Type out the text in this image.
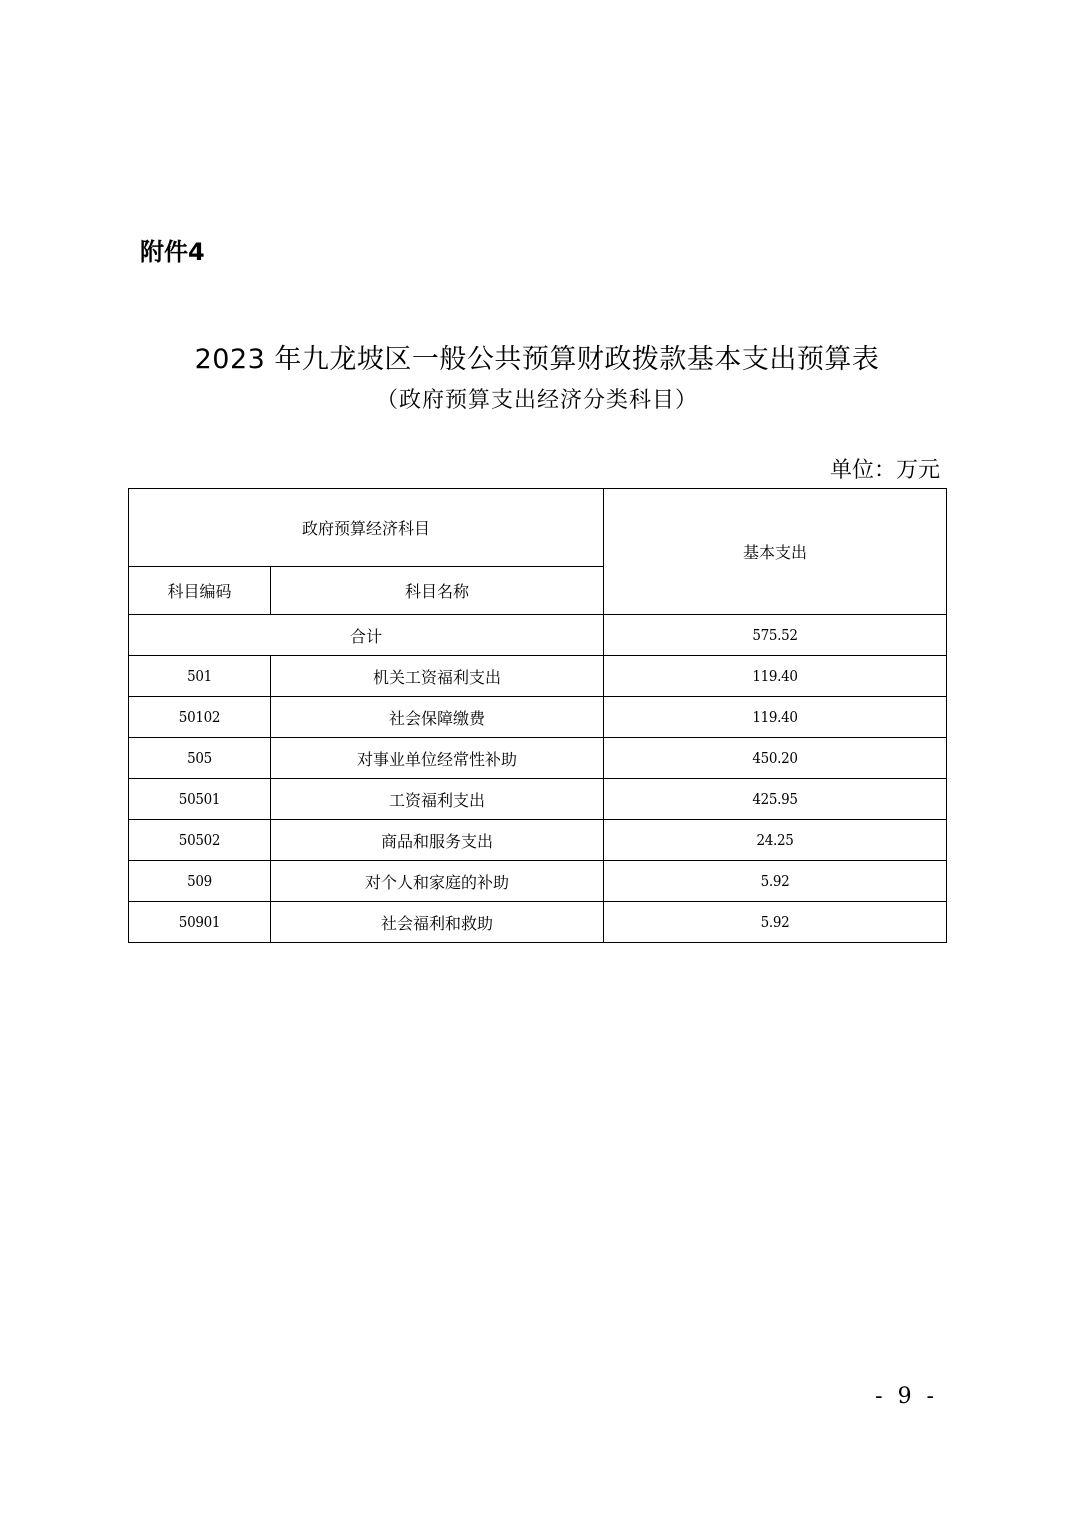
附件4
2023 年九龙坡区一般公共预算财政拨款基本支出预算表
（政府预算支出经济分类科目）
单位：万元
政府预算经济科目		基本支出
科目编码	科目名称	
合计		575.52
501	机关工资福利支出	119.40
50102	社会保障缴费	119.40
505	对事业单位经常性补助	450.20
50501	工资福利支出	425.95
50502	商品和服务支出	24.25
509	对个人和家庭的补助	5.92
50901	社会福利和救助	5.92
- 9 -
